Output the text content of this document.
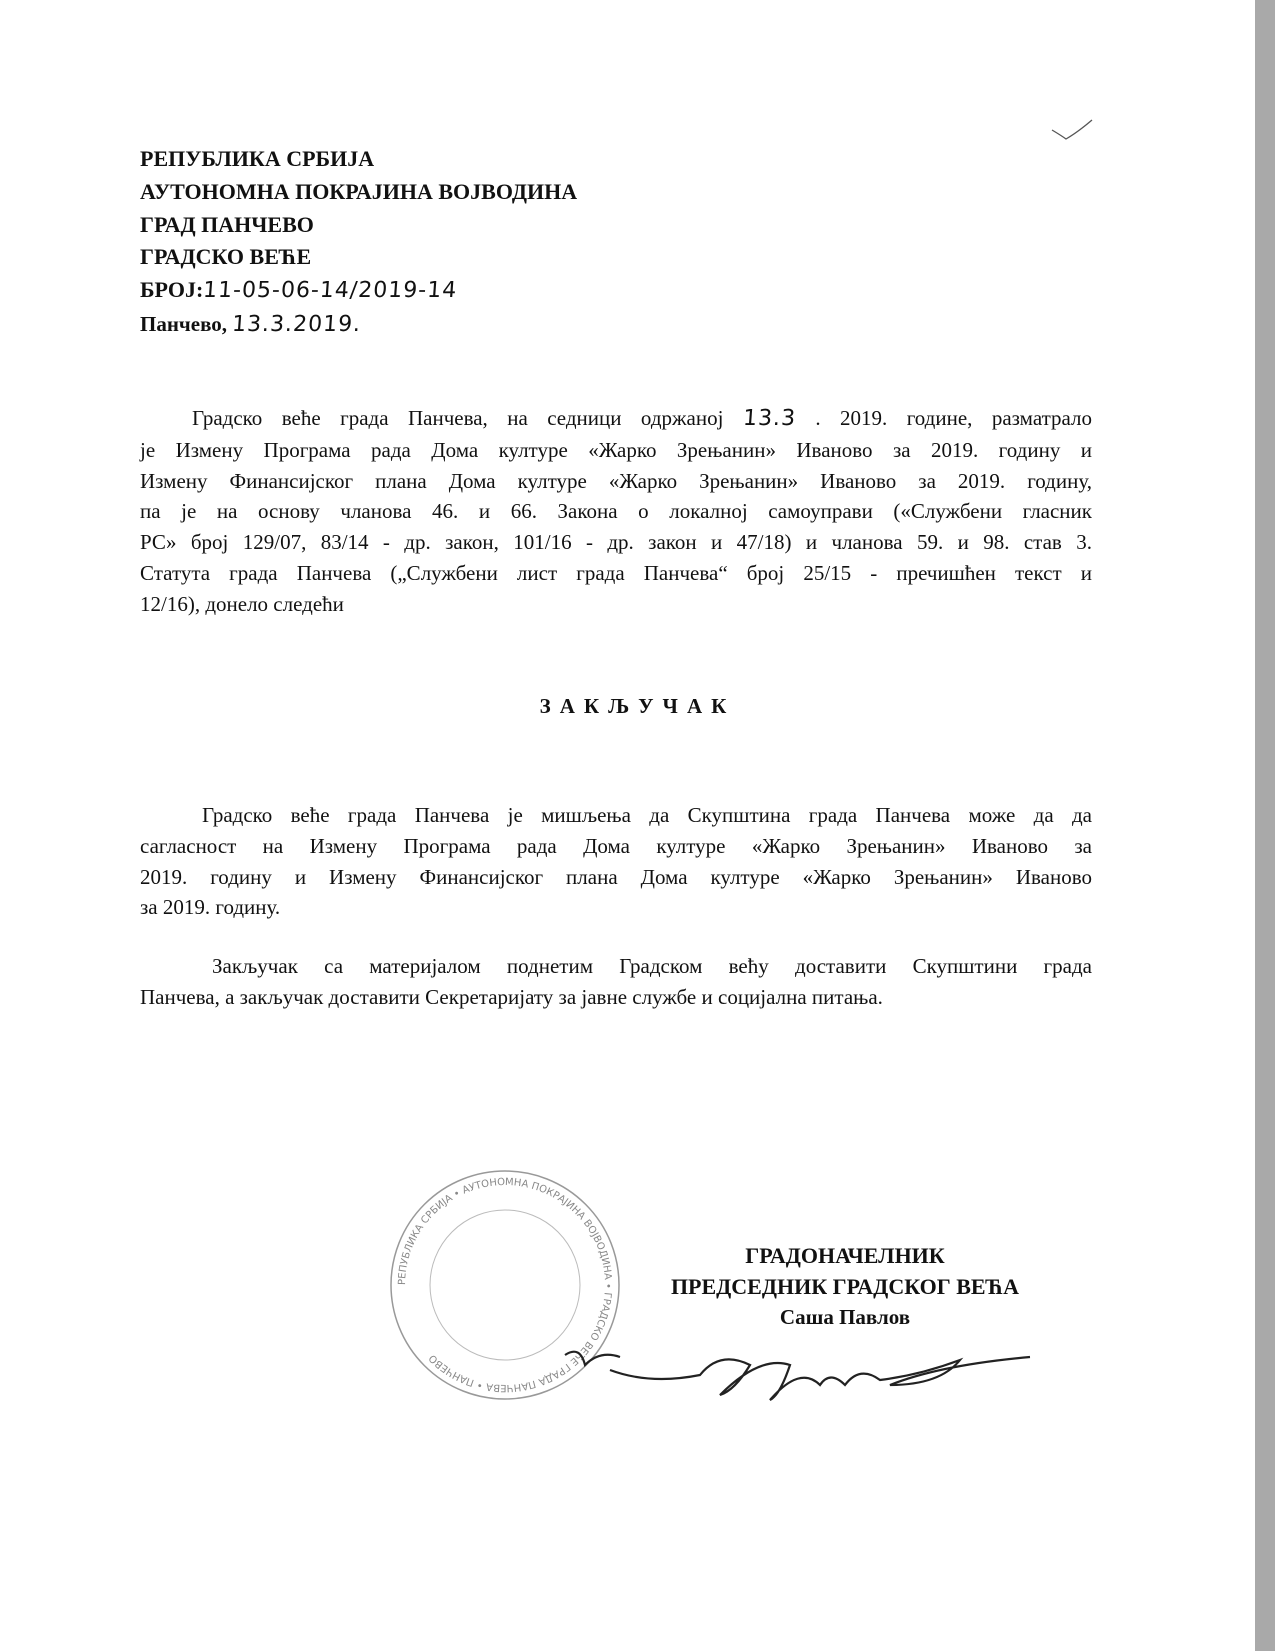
РЕПУБЛИКА СРБИЈА
АУТОНОМНА ПОКРАЈИНА ВОЈВОДИНА
ГРАД ПАНЧЕВО
ГРАДСКО ВЕЋЕ
БРОЈ:11-05-06-14/2019-14
Панчево, 13.3.2019.
Градско веће града Панчева, на седници одржаној 13.3 . 2019. године, разматрало
је Измену Програма рада Дома културе «Жарко Зрењанин» Иваново за 2019. годину и
Измену Финансијског плана Дома културе «Жарко Зрењанин» Иваново за 2019. годину,
па је на основу чланова 46. и 66. Закона о локалној самоуправи («Службени гласник
РС» број 129/07, 83/14 - др. закон, 101/16 - др. закон и 47/18) и чланова 59. и 98. став 3.
Статута града Панчева („Службени лист града Панчева“ број 25/15 - пречишћен текст и
12/16), донело следећи
ЗАКЉУЧАК
Градско веће града Панчева је мишљења да Скупштина града Панчева може да да
сагласност на Измену Програма рада Дома културе «Жарко Зрењанин» Иваново за
2019. годину и Измену Финансијског плана Дома културе «Жарко Зрењанин» Иваново
за 2019. годину.
Закључак са материјалом поднетим Градском већу доставити Скупштини града
Панчева, а закључак доставити Секретаријату за јавне службе и социјална питања.
РЕПУБЛИКА СРБИЈА • АУТОНОМНА ПОКРАЈИНА ВОЈВОДИНА • ГРАДСКО ВЕЋЕ ГРАДА ПАНЧЕВА • ПАНЧЕВО
ГРАДОНАЧЕЛНИК
ПРЕДСЕДНИК ГРАДСКОГ ВЕЋА
Саша Павлов
